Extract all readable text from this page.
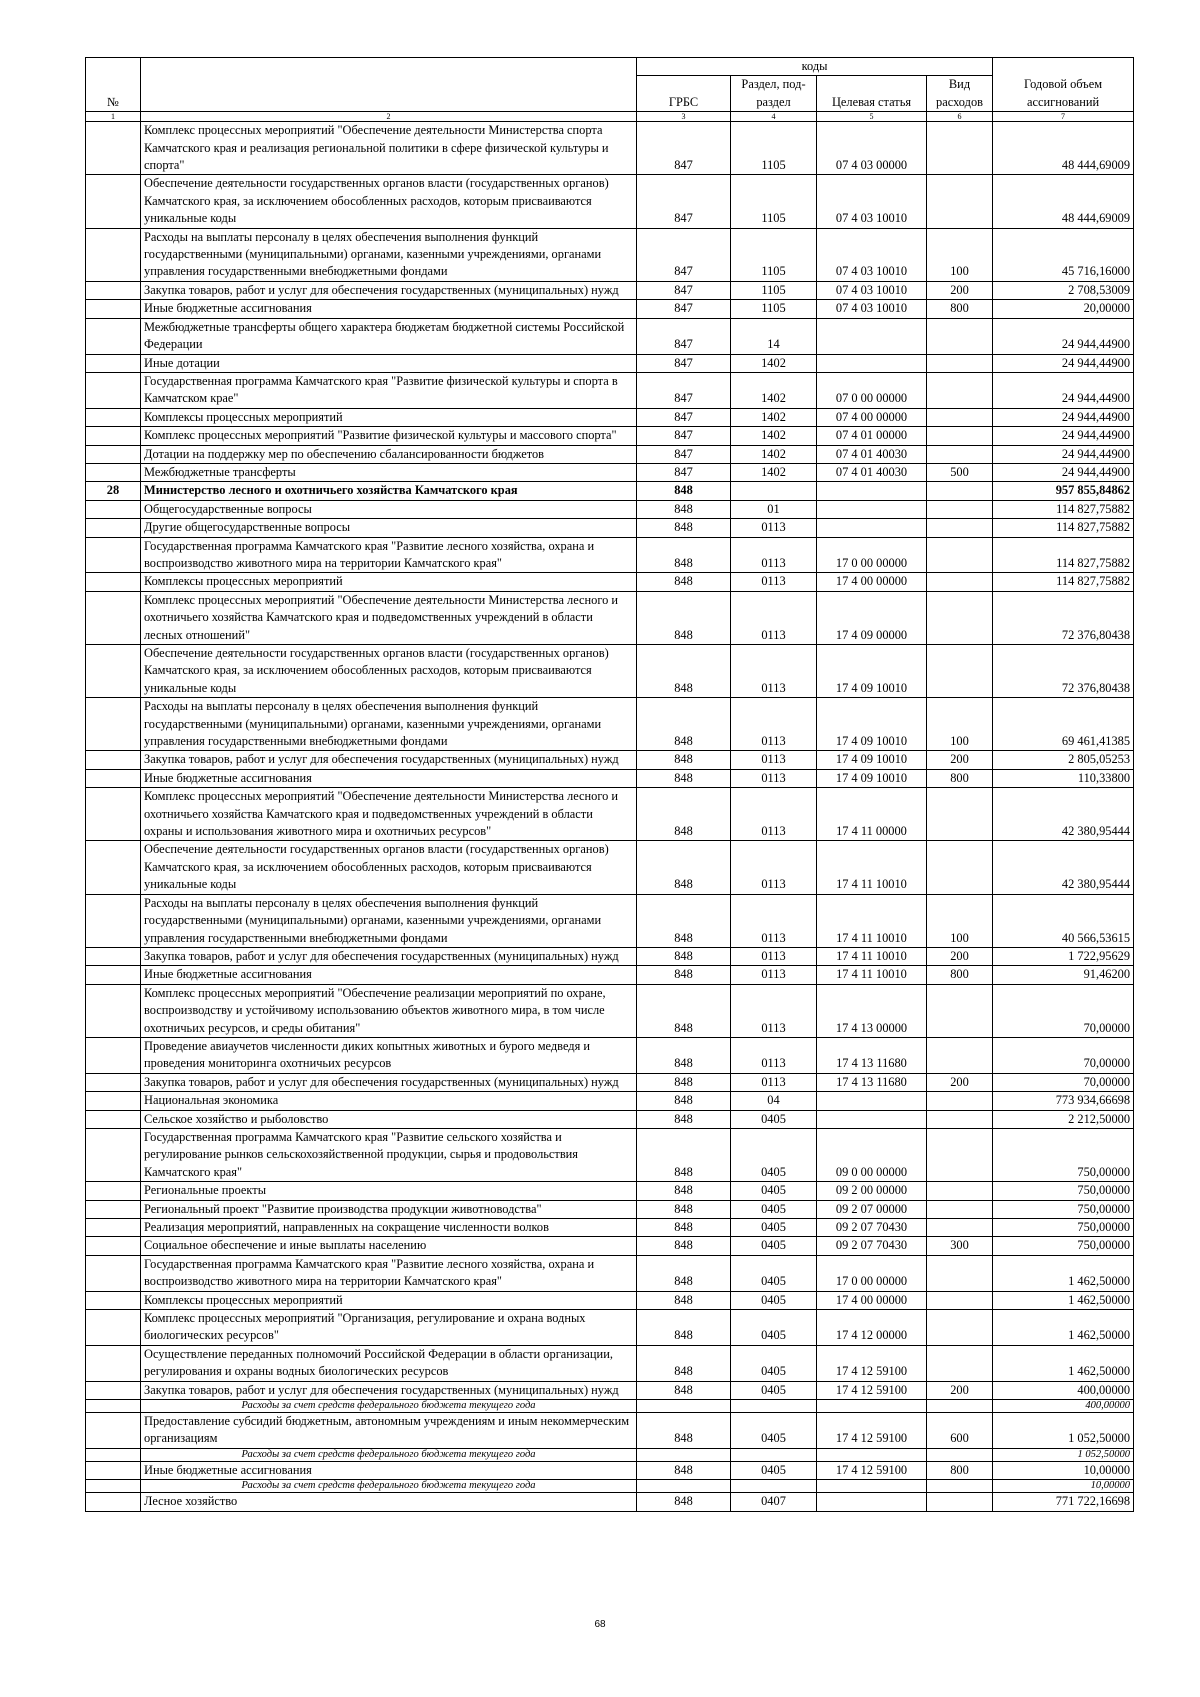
№		коды				Годовой объем ассигнований
		ГРБС	Раздел, под-раздел	Целевая статья	Вид расходов	
1	2	3	4	5	6	7
	Комплекс процессных мероприятий "Обеспечение деятельности Министерства спорта Камчатского края и реализация региональной политики в сфере физической культуры и спорта"	847	1105	07 4 03 00000		48 444,69009
	Обеспечение деятельности государственных органов власти (государственных органов) Камчатского края, за исключением обособленных расходов, которым присваиваются уникальные коды	847	1105	07 4 03 10010		48 444,69009
	Расходы на выплаты персоналу в целях обеспечения выполнения функций государственными (муниципальными) органами, казенными учреждениями, органами управления государственными внебюджетными фондами	847	1105	07 4 03 10010	100	45 716,16000
	Закупка товаров, работ и услуг для обеспечения государственных (муниципальных) нужд	847	1105	07 4 03 10010	200	2 708,53009
	Иные бюджетные ассигнования	847	1105	07 4 03 10010	800	20,00000
	Межбюджетные трансферты общего характера бюджетам бюджетной системы Российской Федерации	847	14			24 944,44900
	Иные дотации	847	1402			24 944,44900
	Государственная программа Камчатского края "Развитие физической культуры и спорта в Камчатском крае"	847	1402	07 0 00 00000		24 944,44900
	Комплексы процессных мероприятий	847	1402	07 4 00 00000		24 944,44900
	Комплекс процессных мероприятий "Развитие физической культуры и массового спорта"	847	1402	07 4 01 00000		24 944,44900
	Дотации на поддержку мер по обеспечению сбалансированности бюджетов	847	1402	07 4 01 40030		24 944,44900
	Межбюджетные трансферты	847	1402	07 4 01 40030	500	24 944,44900
28	Министерство лесного и охотничьего хозяйства Камчатского края	848				957 855,84862
	Общегосударственные вопросы	848	01			114 827,75882
	Другие общегосударственные вопросы	848	0113			114 827,75882
	Государственная программа Камчатского края "Развитие лесного хозяйства, охрана и воспроизводство животного мира на территории Камчатского края"	848	0113	17 0 00 00000		114 827,75882
	Комплексы процессных мероприятий	848	0113	17 4 00 00000		114 827,75882
	Комплекс процессных мероприятий "Обеспечение деятельности Министерства лесного и охотничьего хозяйства Камчатского края и подведомственных учреждений в области лесных отношений"	848	0113	17 4 09 00000		72 376,80438
	Обеспечение деятельности государственных органов власти (государственных органов) Камчатского края, за исключением обособленных расходов, которым присваиваются уникальные коды	848	0113	17 4 09 10010		72 376,80438
	Расходы на выплаты персоналу в целях обеспечения выполнения функций государственными (муниципальными) органами, казенными учреждениями, органами управления государственными внебюджетными фондами	848	0113	17 4 09 10010	100	69 461,41385
	Закупка товаров, работ и услуг для обеспечения государственных (муниципальных) нужд	848	0113	17 4 09 10010	200	2 805,05253
	Иные бюджетные ассигнования	848	0113	17 4 09 10010	800	110,33800
	Комплекс процессных мероприятий "Обеспечение деятельности Министерства лесного и охотничьего хозяйства Камчатского края и подведомственных учреждений в области охраны и использования животного мира и охотничьих ресурсов"	848	0113	17 4 11 00000		42 380,95444
	Обеспечение деятельности государственных органов власти (государственных органов) Камчатского края, за исключением обособленных расходов, которым присваиваются уникальные коды	848	0113	17 4 11 10010		42 380,95444
	Расходы на выплаты персоналу в целях обеспечения выполнения функций государственными (муниципальными) органами, казенными учреждениями, органами управления государственными внебюджетными фондами	848	0113	17 4 11 10010	100	40 566,53615
	Закупка товаров, работ и услуг для обеспечения государственных (муниципальных) нужд	848	0113	17 4 11 10010	200	1 722,95629
	Иные бюджетные ассигнования	848	0113	17 4 11 10010	800	91,46200
	Комплекс процессных мероприятий "Обеспечение реализации мероприятий по охране, воспроизводству и устойчивому использованию объектов животного мира, в том числе охотничьих ресурсов, и среды обитания"	848	0113	17 4 13 00000		70,00000
	Проведение авиаучетов численности диких копытных животных и бурого медведя и проведения мониторинга охотничьих ресурсов	848	0113	17 4 13 11680		70,00000
	Закупка товаров, работ и услуг для обеспечения государственных (муниципальных) нужд	848	0113	17 4 13 11680	200	70,00000
	Национальная экономика	848	04			773 934,66698
	Сельское хозяйство и рыболовство	848	0405			2 212,50000
	Государственная программа Камчатского края "Развитие сельского хозяйства и регулирование рынков сельскохозяйственной продукции, сырья и продовольствия Камчатского края"	848	0405	09 0 00 00000		750,00000
	Региональные проекты	848	0405	09 2 00 00000		750,00000
	Региональный проект "Развитие производства продукции животноводства"	848	0405	09 2 07 00000		750,00000
	Реализация мероприятий, направленных на сокращение численности волков	848	0405	09 2 07 70430		750,00000
	Социальное обеспечение и иные выплаты населению	848	0405	09 2 07 70430	300	750,00000
	Государственная программа Камчатского края "Развитие лесного хозяйства, охрана и воспроизводство животного мира на территории Камчатского края"	848	0405	17 0 00 00000		1 462,50000
	Комплексы процессных мероприятий	848	0405	17 4 00 00000		1 462,50000
	Комплекс процессных мероприятий "Организация, регулирование и охрана водных биологических ресурсов"	848	0405	17 4 12 00000		1 462,50000
	Осуществление переданных полномочий Российской Федерации в области организации, регулирования и охраны водных биологических ресурсов	848	0405	17 4 12 59100		1 462,50000
	Закупка товаров, работ и услуг для обеспечения государственных (муниципальных) нужд	848	0405	17 4 12 59100	200	400,00000
	Расходы за счет средств федерального бюджета текущего года					400,00000
	Предоставление субсидий бюджетным, автономным учреждениям и иным некоммерческим организациям	848	0405	17 4 12 59100	600	1 052,50000
	Расходы за счет средств федерального бюджета текущего года					1 052,50000
	Иные бюджетные ассигнования	848	0405	17 4 12 59100	800	10,00000
	Расходы за счет средств федерального бюджета текущего года					10,00000
	Лесное хозяйство	848	0407			771 722,16698
68
